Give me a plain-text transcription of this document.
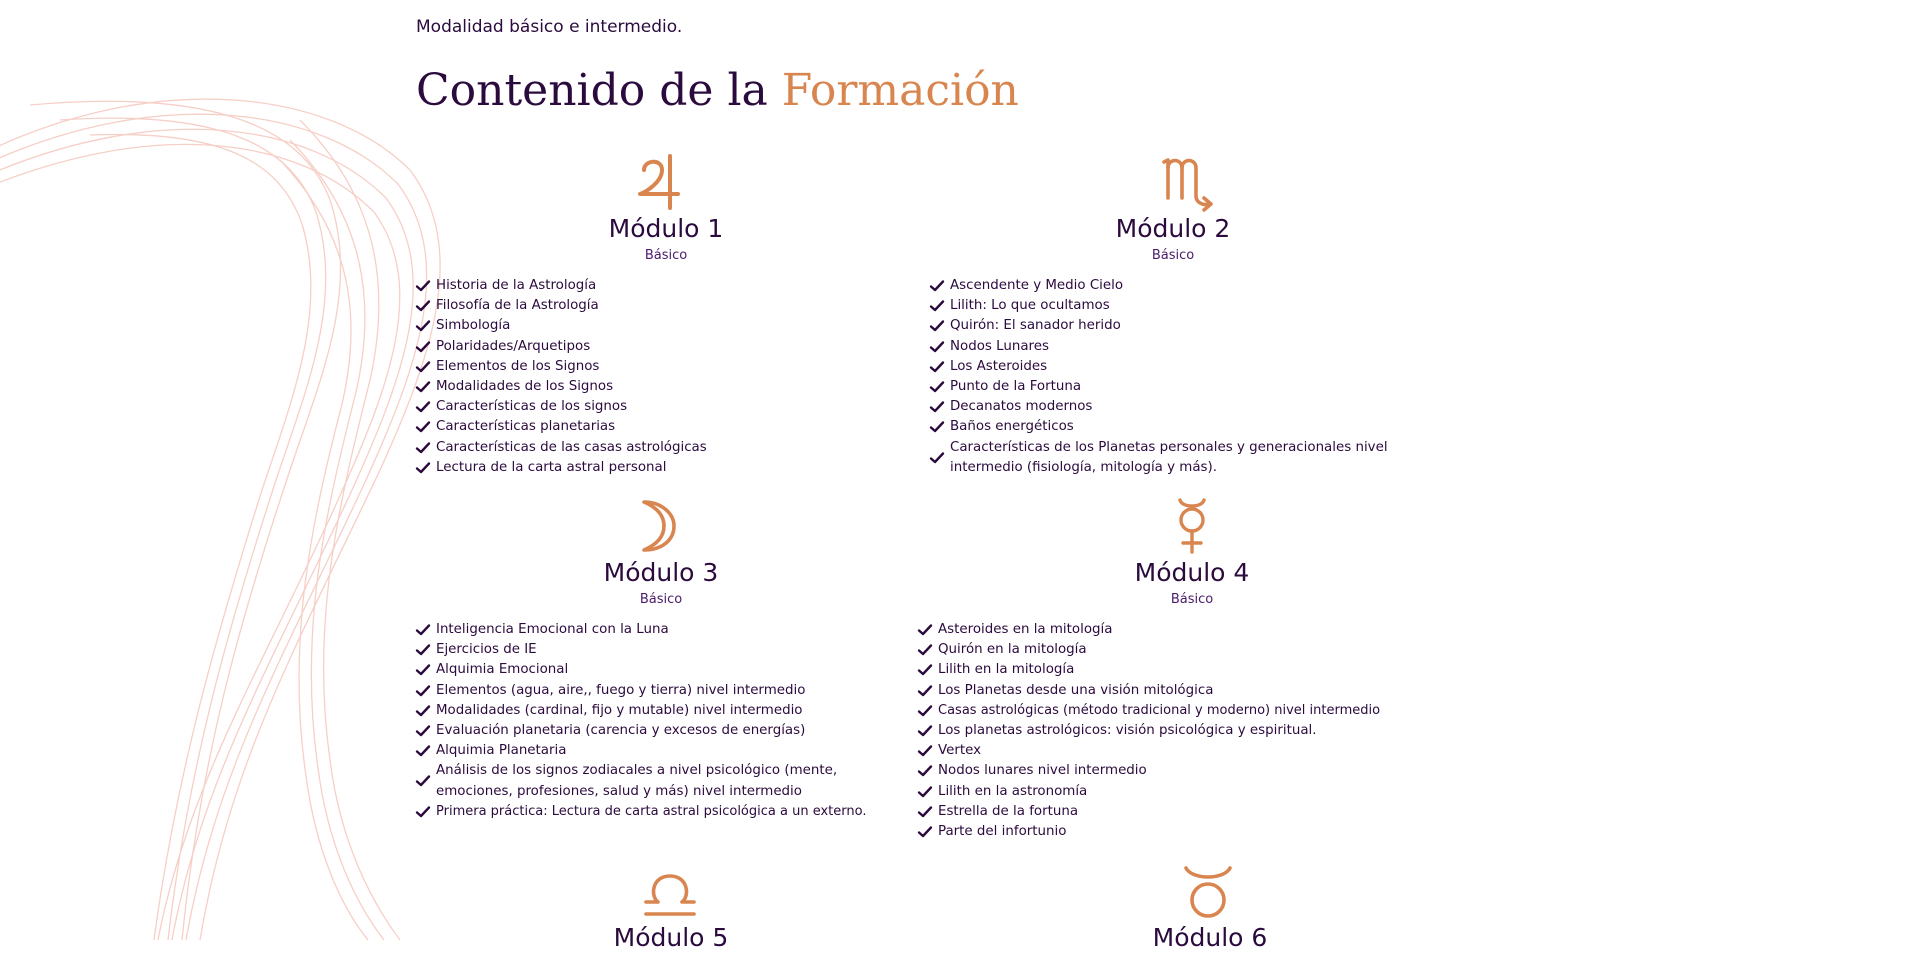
Modalidad básico e intermedio.
Contenido de la Formación
Módulo 1
Básico
Historia de la Astrología
Filosofía de la Astrología
Simbología
Polaridades/Arquetipos
Elementos de los Signos
Modalidades de los Signos
Características de los signos
Características planetarias
Características de las casas astrológicas
Lectura de la carta astral personal
Módulo 2
Básico
Ascendente y Medio Cielo
Lilith: Lo que ocultamos
Quirón: El sanador herido
Nodos Lunares
Los Asteroides
Punto de la Fortuna
Decanatos modernos
Baños energéticos
Características de los Planetas personales y generacionales nivel intermedio (fisiología, mitología y más).
Módulo 3
Básico
Inteligencia Emocional con la Luna
Ejercicios de IE
Alquimia Emocional
Elementos (agua, aire,, fuego y tierra) nivel intermedio
Modalidades (cardinal, fijo y mutable) nivel intermedio
Evaluación planetaria (carencia y excesos de energías)
Alquimia Planetaria
Análisis de los signos zodiacales a nivel psicológico (mente, emociones, profesiones, salud y más) nivel intermedio
Primera práctica: Lectura de carta astral psicológica a un externo.
Módulo 4
Básico
Asteroides en la mitología
Quirón en la mitología
Lilith en la mitología
Los Planetas desde una visión mitológica
Casas astrológicas (método tradicional y moderno) nivel intermedio
Los planetas astrológicos: visión psicológica y espiritual.
Vertex
Nodos lunares nivel intermedio
Lilith en la astronomía
Estrella de la fortuna
Parte del infortunio
Módulo 5	Módulo 6
